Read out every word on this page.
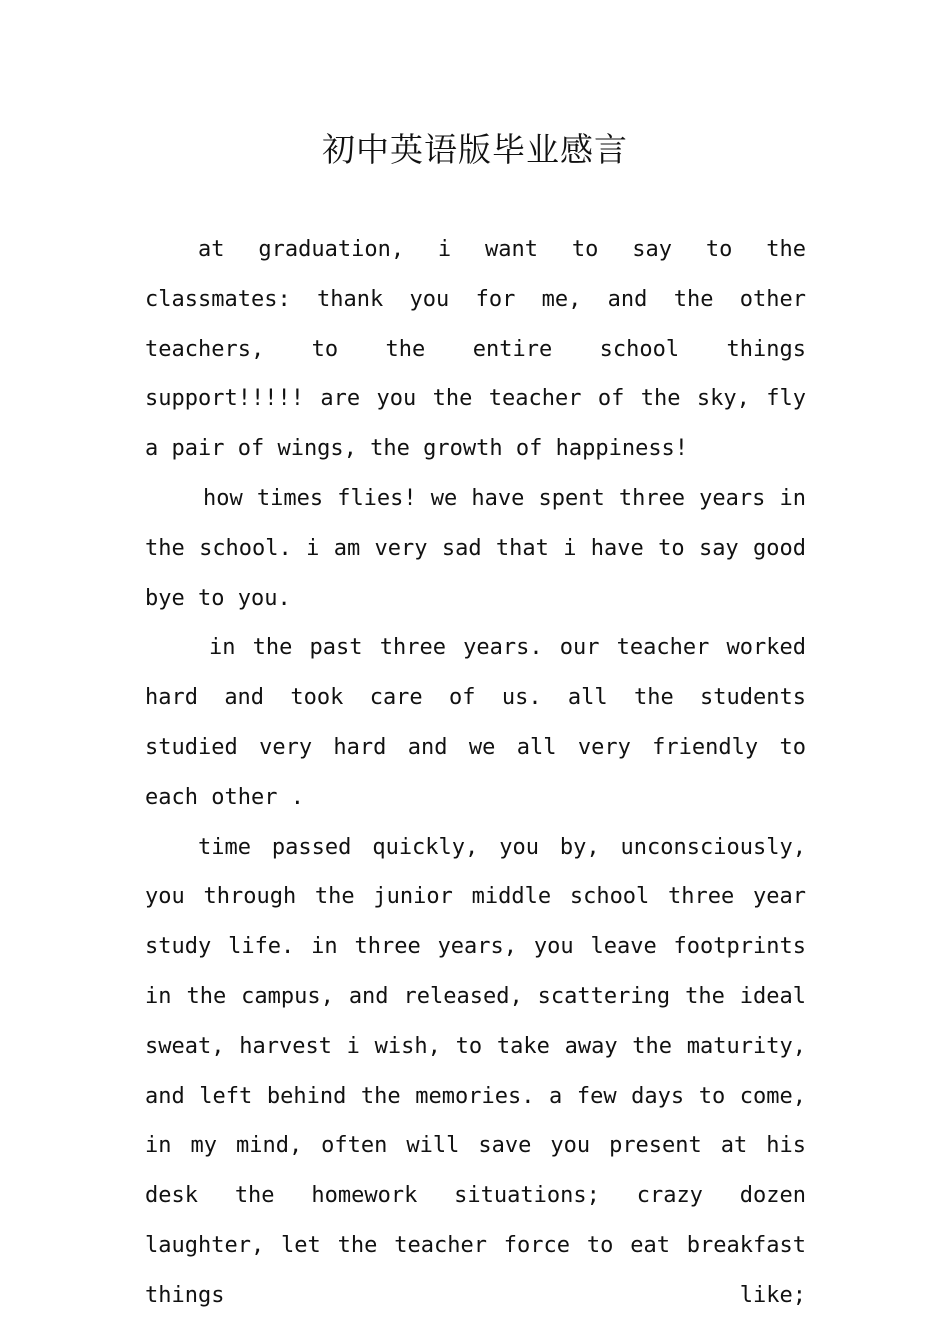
初中英语版毕业感言

at graduation, i want to say to the classmates: thank you for me, and the other teachers, to the entire school things support!!!!! are you the teacher of the sky, fly a pair of wings, the growth of happiness!

how times flies! we have spent three years in the school. i am very sad that i have to say good bye to you.

in the past three years. our teacher worked hard and took care of us. all the students studied very hard and we all very friendly to each other .

time passed quickly, you by, unconsciously, you through the junior middle school three year study life. in three years, you leave footprints in the campus, and released, scattering the ideal sweat, harvest i wish, to take away the maturity, and left behind the memories. a few days to come, in my mind, often will save you present at his desk the homework situations; crazy dozen laughter, let the teacher force to eat breakfast things like;
